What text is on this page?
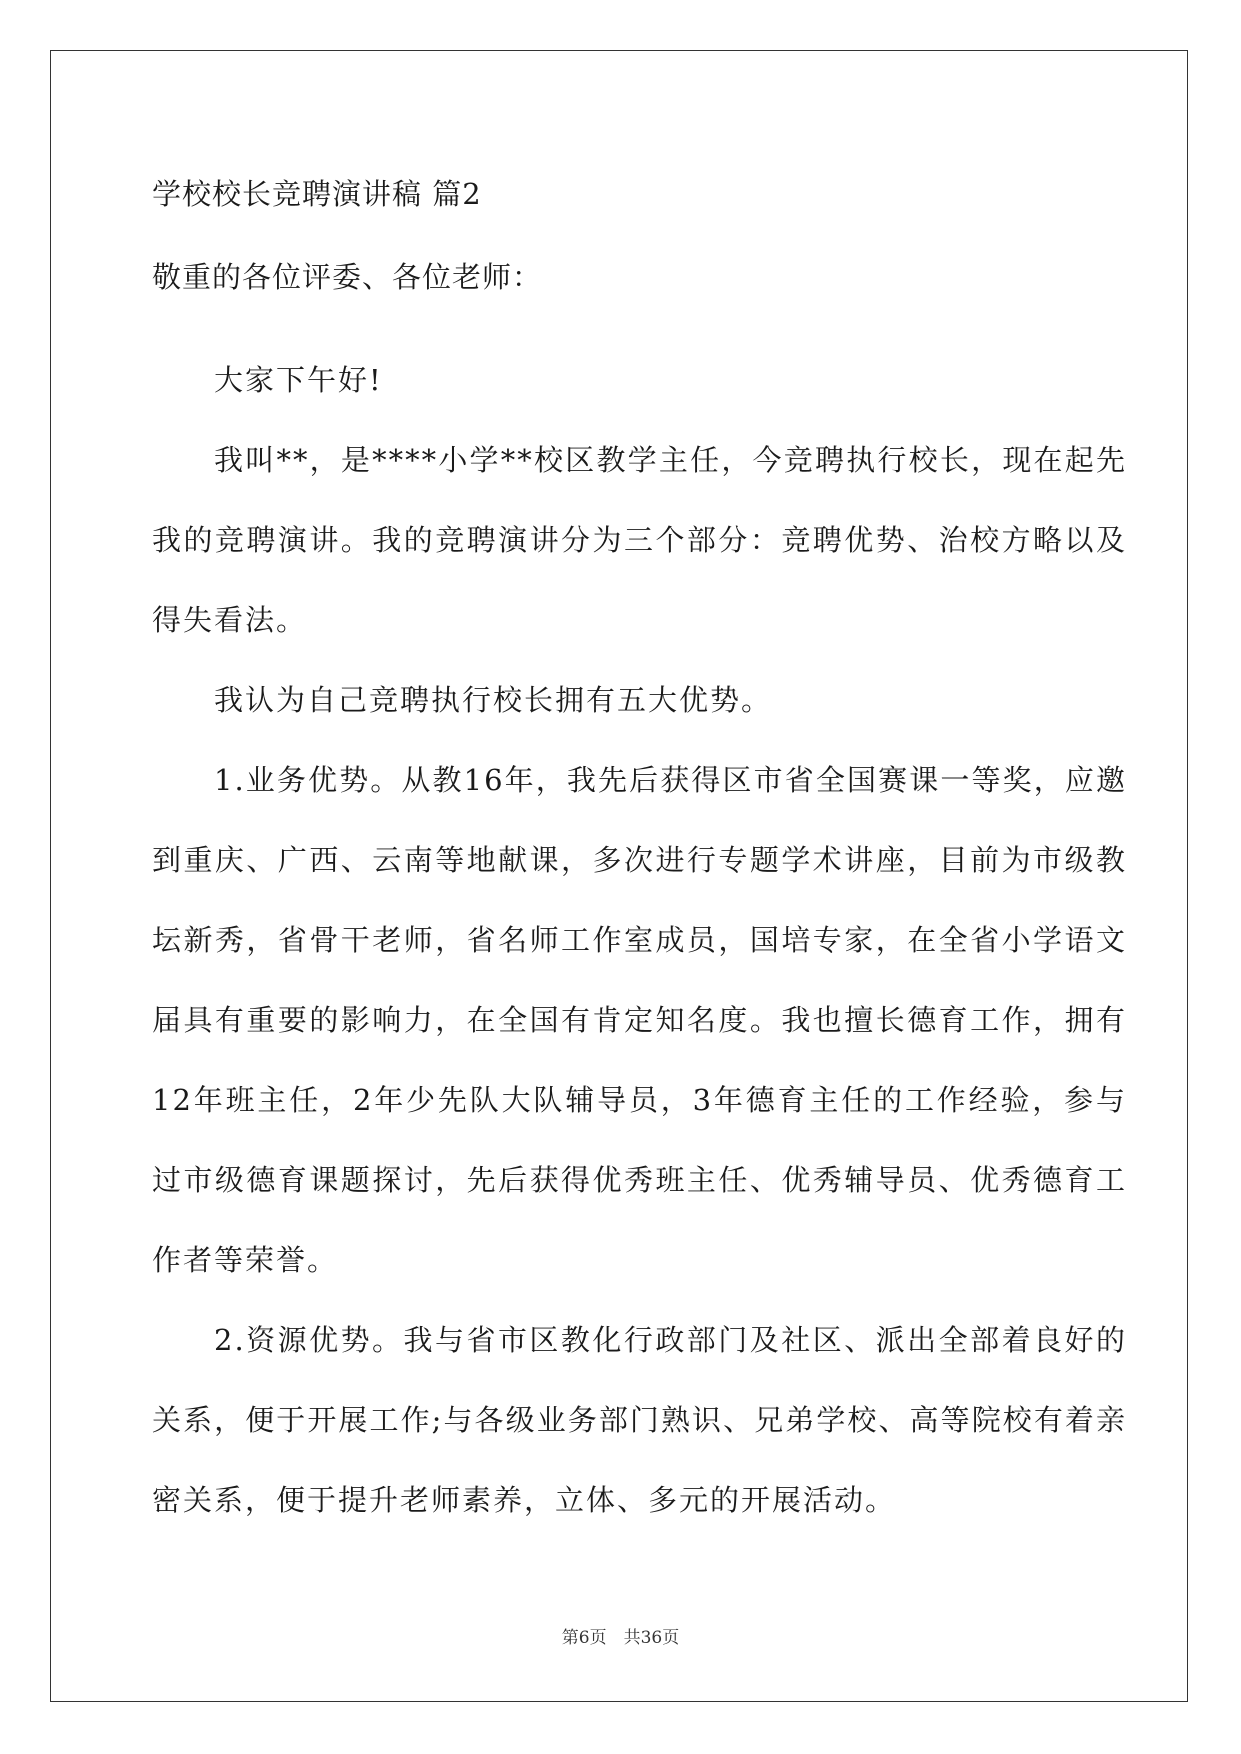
学校校长竞聘演讲稿 篇2
敬重的各位评委、各位老师：

大家下午好!

我叫**，是****小学**校区教学主任，今竞聘执行校长，现在起先我的竞聘演讲。我的竞聘演讲分为三个部分：竞聘优势、治校方略以及得失看法。

我认为自己竞聘执行校长拥有五大优势。

1.业务优势。从教16年，我先后获得区市省全国赛课一等奖，应邀到重庆、广西、云南等地献课，多次进行专题学术讲座，目前为市级教坛新秀，省骨干老师，省名师工作室成员，国培专家，在全省小学语文届具有重要的影响力，在全国有肯定知名度。我也擅长德育工作，拥有12年班主任，2年少先队大队辅导员，3年德育主任的工作经验，参与过市级德育课题探讨，先后获得优秀班主任、优秀辅导员、优秀德育工作者等荣誉。

2.资源优势。我与省市区教化行政部门及社区、派出全部着良好的关系，便于开展工作;与各级业务部门熟识、兄弟学校、高等院校有着亲密关系，便于提升老师素养，立体、多元的开展活动。

第6页　共36页
